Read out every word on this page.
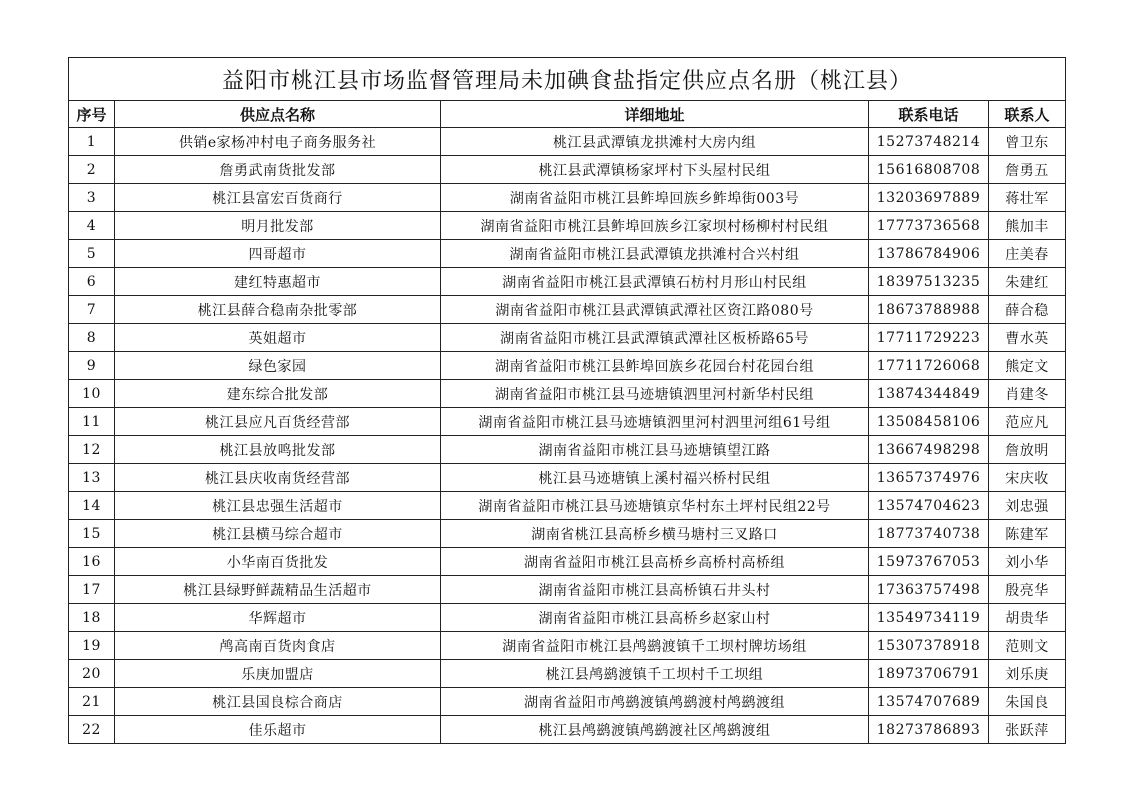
益阳市桃江县市场监督管理局未加碘食盐指定供应点名册（桃江县）				
序号	供应点名称	详细地址	联系电话	联系人
1	供销e家杨冲村电子商务服务社	桃江县武潭镇龙拱滩村大房内组	15273748214	曾卫东
2	詹勇武南货批发部	桃江县武潭镇杨家坪村下头屋村民组	15616808708	詹勇五
3	桃江县富宏百货商行	湖南省益阳市桃江县鲊埠回族乡鲊埠街003号	13203697889	蒋壮军
4	明月批发部	湖南省益阳市桃江县鲊埠回族乡江家坝村杨柳村村民组	17773736568	熊加丰
5	四哥超市	湖南省益阳市桃江县武潭镇龙拱滩村合兴村组	13786784906	庄美春
6	建红特惠超市	湖南省益阳市桃江县武潭镇石枋村月形山村民组	18397513235	朱建红
7	桃江县薛合稳南杂批零部	湖南省益阳市桃江县武潭镇武潭社区资江路080号	18673788988	薛合稳
8	英姐超市	湖南省益阳市桃江县武潭镇武潭社区板桥路65号	17711729223	曹水英
9	绿色家园	湖南省益阳市桃江县鲊埠回族乡花园台村花园台组	17711726068	熊定文
10	建东综合批发部	湖南省益阳市桃江县马迹塘镇泗里河村新华村民组	13874344849	肖建冬
11	桃江县应凡百货经营部	湖南省益阳市桃江县马迹塘镇泗里河村泗里河组61号组	13508458106	范应凡
12	桃江县放鸣批发部	湖南省益阳市桃江县马迹塘镇望江路	13667498298	詹放明
13	桃江县庆收南货经营部	桃江县马迹塘镇上溪村福兴桥村民组	13657374976	宋庆收
14	桃江县忠强生活超市	湖南省益阳市桃江县马迹塘镇京华村东土坪村民组22号	13574704623	刘忠强
15	桃江县横马综合超市	湖南省桃江县高桥乡横马塘村三叉路口	18773740738	陈建军
16	小华南百货批发	湖南省益阳市桃江县高桥乡高桥村高桥组	15973767053	刘小华
17	桃江县绿野鲜蔬精品生活超市	湖南省益阳市桃江县高桥镇石井头村	17363757498	殷亮华
18	华辉超市	湖南省益阳市桃江县高桥乡赵家山村	13549734119	胡贵华
19	鸬高南百货肉食店	湖南省益阳市桃江县鸬鹚渡镇千工坝村牌坊场组	15307378918	范则文
20	乐庚加盟店	桃江县鸬鹚渡镇千工坝村千工坝组	18973706791	刘乐庚
21	桃江县国良棕合商店	湖南省益阳市鸬鹚渡镇鸬鹚渡村鸬鹚渡组	13574707689	朱国良
22	佳乐超市	桃江县鸬鹚渡镇鸬鹚渡社区鸬鹚渡组	18273786893	张跃萍
